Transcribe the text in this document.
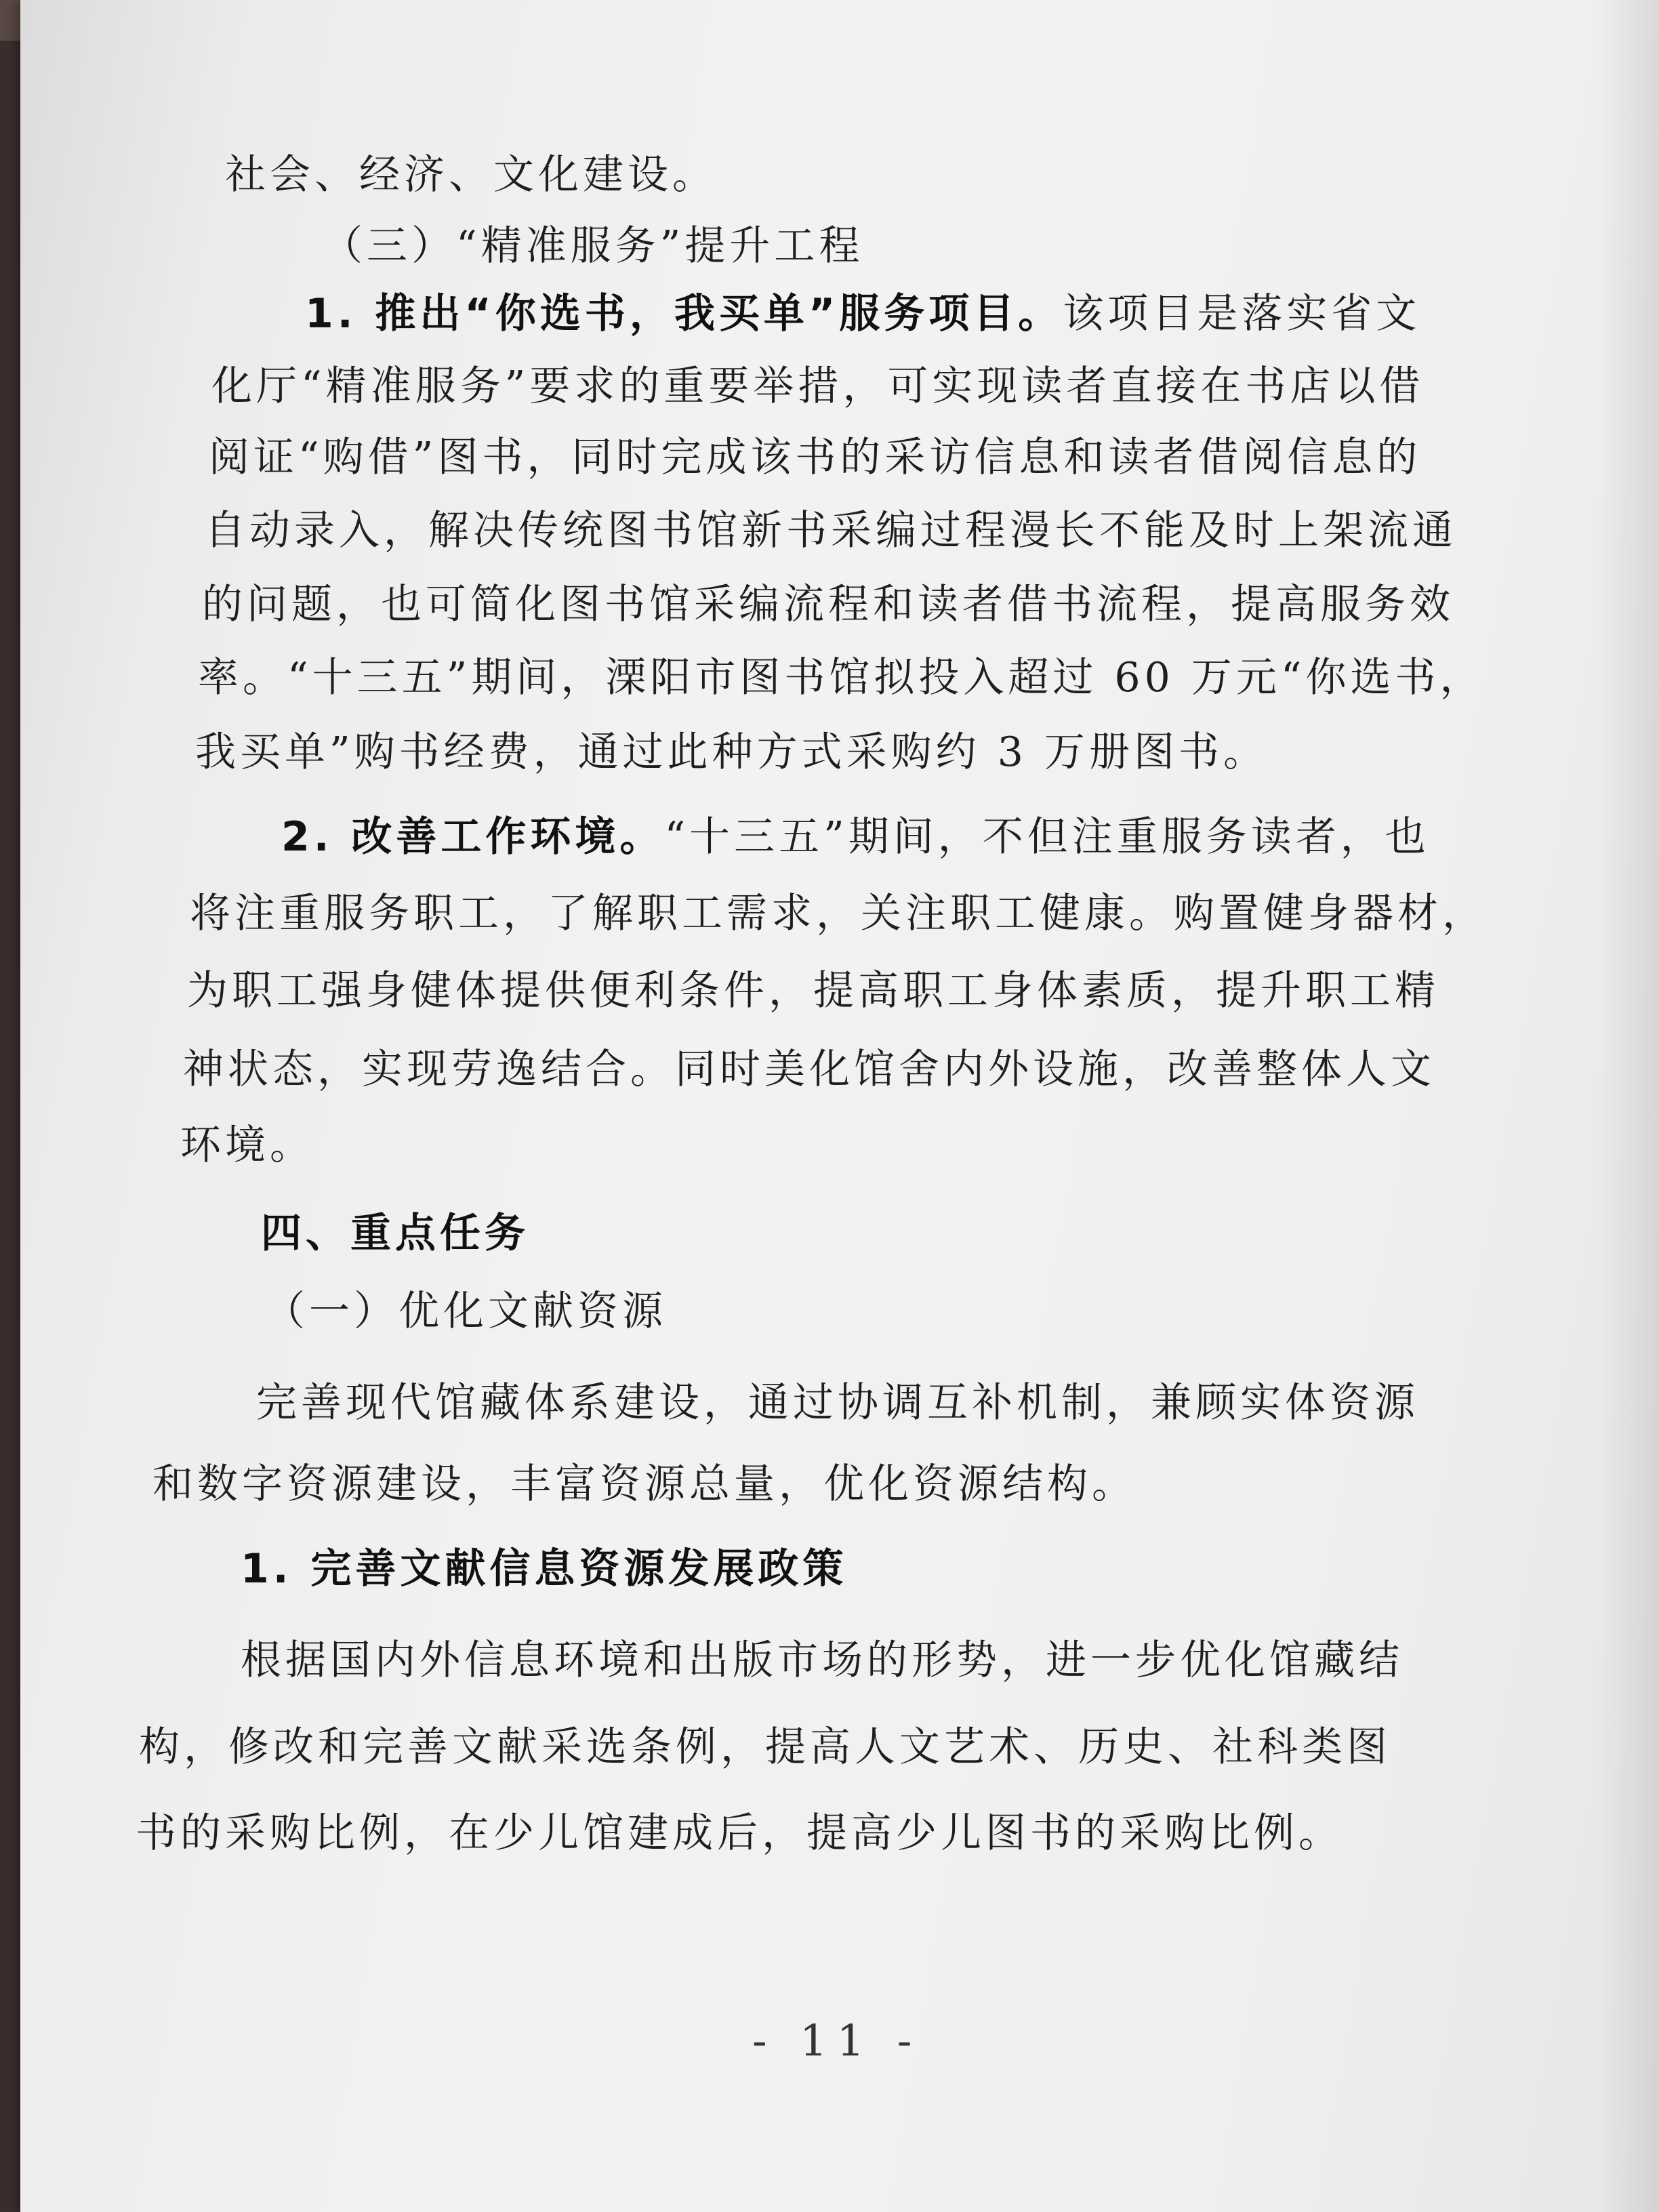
社会、经济、文化建设。
（三）“精准服务”提升工程
1. 推出“你选书，我买单”服务项目。该项目是落实省文
化厅“精准服务”要求的重要举措，可实现读者直接在书店以借
阅证“购借”图书，同时完成该书的采访信息和读者借阅信息的
自动录入，解决传统图书馆新书采编过程漫长不能及时上架流通
的问题，也可简化图书馆采编流程和读者借书流程，提高服务效
率。“十三五”期间，溧阳市图书馆拟投入超过 60 万元“你选书，
我买单”购书经费，通过此种方式采购约 3 万册图书。
2. 改善工作环境。“十三五”期间，不但注重服务读者，也
将注重服务职工，了解职工需求，关注职工健康。购置健身器材，
为职工强身健体提供便利条件，提高职工身体素质，提升职工精
神状态，实现劳逸结合。同时美化馆舍内外设施，改善整体人文
环境。
四、重点任务
（一）优化文献资源
完善现代馆藏体系建设，通过协调互补机制，兼顾实体资源
和数字资源建设，丰富资源总量，优化资源结构。
1. 完善文献信息资源发展政策
根据国内外信息环境和出版市场的形势，进一步优化馆藏结
构，修改和完善文献采选条例，提高人文艺术、历史、社科类图
书的采购比例，在少儿馆建成后，提高少儿图书的采购比例。
- 11 -
